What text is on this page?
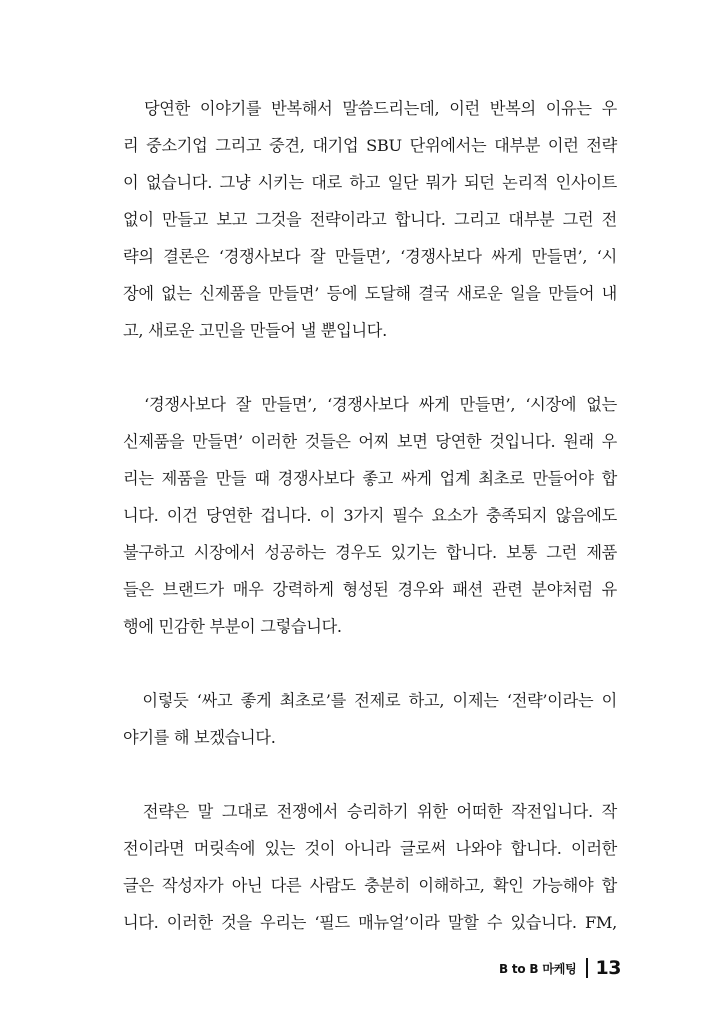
　당연한 이야기를 반복해서 말씀드리는데, 이런 반복의 이유는 우
리 중소기업 그리고 중견, 대기업 SBU 단위에서는 대부분 이런 전략
이 없습니다. 그냥 시키는 대로 하고 일단 뭐가 되던 논리적 인사이트
없이 만들고 보고 그것을 전략이라고 합니다. 그리고 대부분 그런 전
략의 결론은 ‘경쟁사보다 잘 만들면’, ‘경쟁사보다 싸게 만들면’, ‘시
장에 없는 신제품을 만들면’ 등에 도달해 결국 새로운 일을 만들어 내
고, 새로운 고민을 만들어 낼 뿐입니다.

　‘경쟁사보다 잘 만들면’, ‘경쟁사보다 싸게 만들면’, ‘시장에 없는
신제품을 만들면’ 이러한 것들은 어찌 보면 당연한 것입니다. 원래 우
리는 제품을 만들 때 경쟁사보다 좋고 싸게 업계 최초로 만들어야 합
니다. 이건 당연한 겁니다. 이 3가지 필수 요소가 충족되지 않음에도
불구하고 시장에서 성공하는 경우도 있기는 합니다. 보통 그런 제품
들은 브랜드가 매우 강력하게 형성된 경우와 패션 관련 분야처럼 유
행에 민감한 부분이 그렇습니다.

　이렇듯 ‘싸고 좋게 최초로’를 전제로 하고, 이제는 ‘전략’이라는 이
야기를 해 보겠습니다.

　전략은 말 그대로 전쟁에서 승리하기 위한 어떠한 작전입니다. 작
전이라면 머릿속에 있는 것이 아니라 글로써 나와야 합니다. 이러한
글은 작성자가 아닌 다른 사람도 충분히 이해하고, 확인 가능해야 합
니다. 이러한 것을 우리는 ‘필드 매뉴얼’이라 말할 수 있습니다. FM,

B to B 마케팅 13
